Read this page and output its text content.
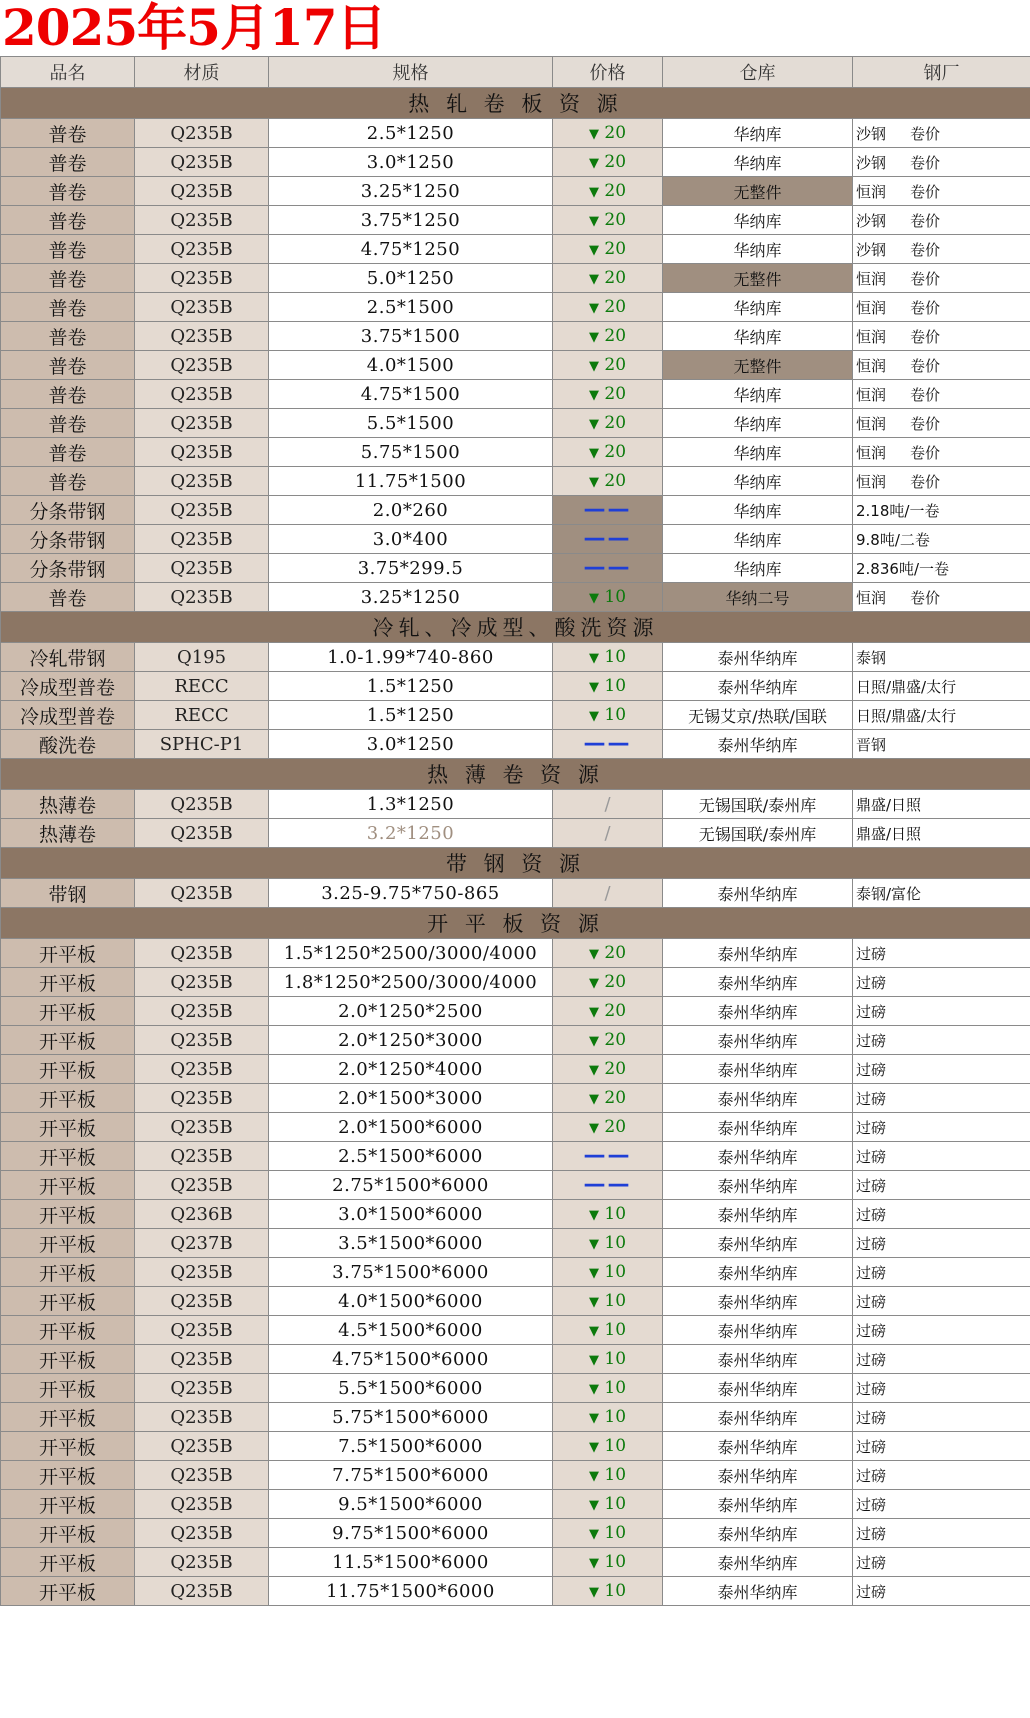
2025年5月17日
品名	材质	规格	价格	仓库	钢厂
热 轧 卷 板 资 源					
普卷	Q235B	2.5*1250	▼ 20	华纳库	沙钢 卷价
普卷	Q235B	3.0*1250	▼ 20	华纳库	沙钢 卷价
普卷	Q235B	3.25*1250	▼ 20	无整件	恒润 卷价
普卷	Q235B	3.75*1250	▼ 20	华纳库	沙钢 卷价
普卷	Q235B	4.75*1250	▼ 20	华纳库	沙钢 卷价
普卷	Q235B	5.0*1250	▼ 20	无整件	恒润 卷价
普卷	Q235B	2.5*1500	▼ 20	华纳库	恒润 卷价
普卷	Q235B	3.75*1500	▼ 20	华纳库	恒润 卷价
普卷	Q235B	4.0*1500	▼ 20	无整件	恒润 卷价
普卷	Q235B	4.75*1500	▼ 20	华纳库	恒润 卷价
普卷	Q235B	5.5*1500	▼ 20	华纳库	恒润 卷价
普卷	Q235B	5.75*1500	▼ 20	华纳库	恒润 卷价
普卷	Q235B	11.75*1500	▼ 20	华纳库	恒润 卷价
分条带钢	Q235B	2.0*260	——	华纳库	2.18吨/一卷
分条带钢	Q235B	3.0*400	——	华纳库	9.8吨/二卷
分条带钢	Q235B	3.75*299.5	——	华纳库	2.836吨/一卷
普卷	Q235B	3.25*1250	▼ 10	华纳二号	恒润 卷价
冷轧、冷成型、酸洗资源					
冷轧带钢	Q195	1.0-1.99*740-860	▼ 10	泰州华纳库	泰钢
冷成型普卷	RECC	1.5*1250	▼ 10	泰州华纳库	日照/鼎盛/太行
冷成型普卷	RECC	1.5*1250	▼ 10	无锡艾京/热联/国联	日照/鼎盛/太行
酸洗卷	SPHC-P1	3.0*1250	——	泰州华纳库	晋钢
热 薄 卷 资 源					
热薄卷	Q235B	1.3*1250	/	无锡国联/泰州库	鼎盛/日照
热薄卷	Q235B	3.2*1250	/	无锡国联/泰州库	鼎盛/日照
带 钢 资 源					
带钢	Q235B	3.25-9.75*750-865	/	泰州华纳库	泰钢/富伦
开 平 板 资 源					
开平板	Q235B	1.5*1250*2500/3000/4000	▼ 20	泰州华纳库	过磅
开平板	Q235B	1.8*1250*2500/3000/4000	▼ 20	泰州华纳库	过磅
开平板	Q235B	2.0*1250*2500	▼ 20	泰州华纳库	过磅
开平板	Q235B	2.0*1250*3000	▼ 20	泰州华纳库	过磅
开平板	Q235B	2.0*1250*4000	▼ 20	泰州华纳库	过磅
开平板	Q235B	2.0*1500*3000	▼ 20	泰州华纳库	过磅
开平板	Q235B	2.0*1500*6000	▼ 20	泰州华纳库	过磅
开平板	Q235B	2.5*1500*6000	——	泰州华纳库	过磅
开平板	Q235B	2.75*1500*6000	——	泰州华纳库	过磅
开平板	Q236B	3.0*1500*6000	▼ 10	泰州华纳库	过磅
开平板	Q237B	3.5*1500*6000	▼ 10	泰州华纳库	过磅
开平板	Q235B	3.75*1500*6000	▼ 10	泰州华纳库	过磅
开平板	Q235B	4.0*1500*6000	▼ 10	泰州华纳库	过磅
开平板	Q235B	4.5*1500*6000	▼ 10	泰州华纳库	过磅
开平板	Q235B	4.75*1500*6000	▼ 10	泰州华纳库	过磅
开平板	Q235B	5.5*1500*6000	▼ 10	泰州华纳库	过磅
开平板	Q235B	5.75*1500*6000	▼ 10	泰州华纳库	过磅
开平板	Q235B	7.5*1500*6000	▼ 10	泰州华纳库	过磅
开平板	Q235B	7.75*1500*6000	▼ 10	泰州华纳库	过磅
开平板	Q235B	9.5*1500*6000	▼ 10	泰州华纳库	过磅
开平板	Q235B	9.75*1500*6000	▼ 10	泰州华纳库	过磅
开平板	Q235B	11.5*1500*6000	▼ 10	泰州华纳库	过磅
开平板	Q235B	11.75*1500*6000	▼ 10	泰州华纳库	过磅
